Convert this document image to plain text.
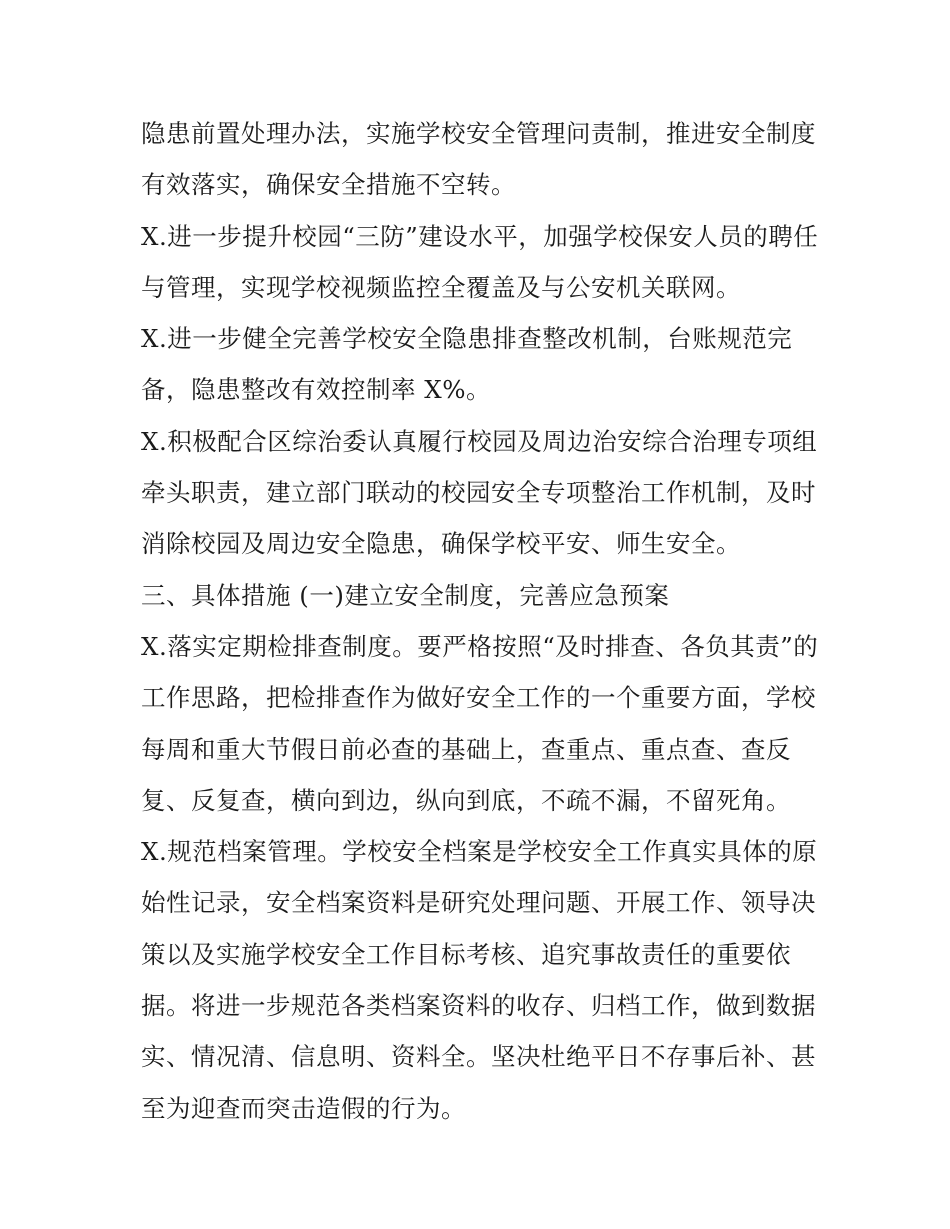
隐患前置处理办法，实施学校安全管理问责制，推进安全制度
有效落实，确保安全措施不空转。
X.进一步提升校园“三防”建设水平，加强学校保安人员的聘任
与管理，实现学校视频监控全覆盖及与公安机关联网。
X.进一步健全完善学校安全隐患排查整改机制，台账规范完
备，隐患整改有效控制率 X%。
X.积极配合区综治委认真履行校园及周边治安综合治理专项组
牵头职责，建立部门联动的校园安全专项整治工作机制，及时
消除校园及周边安全隐患，确保学校平安、师生安全。
三、具体措施 (一)建立安全制度，完善应急预案
X.落实定期检排查制度。要严格按照“及时排查、各负其责”的
工作思路，把检排查作为做好安全工作的一个重要方面，学校
每周和重大节假日前必查的基础上，查重点、重点查、查反
复、反复查，横向到边，纵向到底，不疏不漏，不留死角。
X.规范档案管理。学校安全档案是学校安全工作真实具体的原
始性记录，安全档案资料是研究处理问题、开展工作、领导决
策以及实施学校安全工作目标考核、追究事故责任的重要依
据。将进一步规范各类档案资料的收存、归档工作，做到数据
实、情况清、信息明、资料全。坚决杜绝平日不存事后补、甚
至为迎查而突击造假的行为。
